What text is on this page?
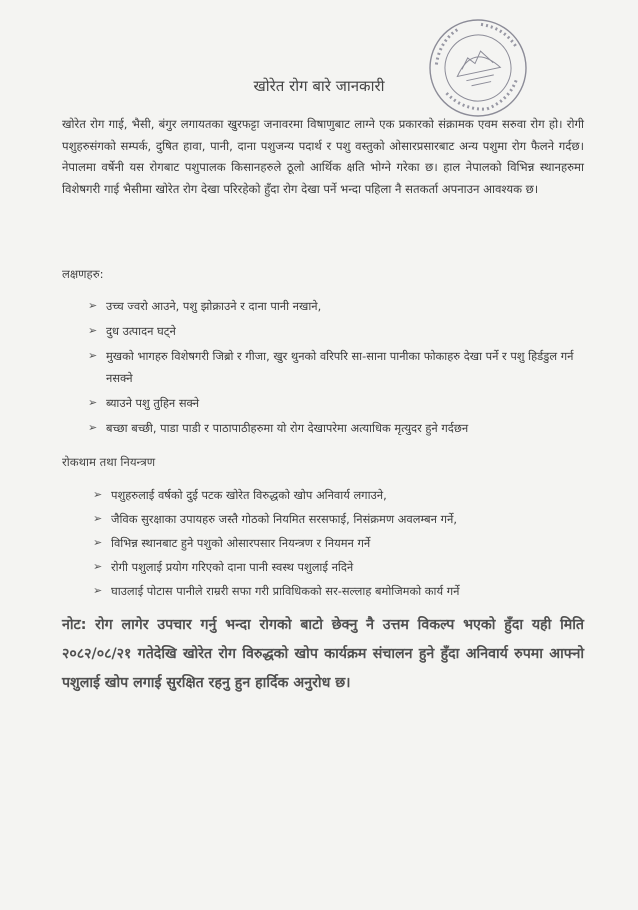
खोरेत रोग बारे जानकारी
खोरेत रोग गाई, भैसी, बंगुर लगायतका खुरफट्टा जनावरमा विषाणुबाट लाग्ने एक प्रकारको संक्रामक एवम सरुवा रोग हो। रोगी पशुहरुसंगको सम्पर्क, दुषित हावा, पानी, दाना पशुजन्य पदार्थ र पशु वस्तुको ओसारप्रसारबाट अन्य पशुमा रोग फैलने गर्दछ। नेपालमा वर्षेनी यस रोगबाट पशुपालक किसानहरुले ठूलो आर्थिक क्षति भोग्ने गरेका छ। हाल नेपालको विभिन्न स्थानहरुमा विशेषगरी गाई भैसीमा खोरेत रोग देखा परिरहेको हुँदा रोग देखा पर्ने भन्दा पहिला नै सतकर्ता अपनाउन आवश्यक छ।
लक्षणहरु:
➢ उच्च ज्वरो आउने, पशु झोक्राउने र दाना पानी नखाने,
➢ दुध उत्पादन घट्ने
➢ मुखको भागहरु विशेषगरी जिब्रो र गीजा, खुर थुनको वरिपरि सा-साना पानीका फोकाहरु देखा पर्ने र पशु हिर्डडुल गर्न नसक्ने
➢ ब्याउने पशु तुहिन सक्ने
➢ बच्छा बच्छी, पाडा पाडी र पाठापाठीहरुमा यो रोग देखापरेमा अत्याधिक मृत्युदर हुने गर्दछन
रोकथाम तथा नियन्त्रण
➢ पशुहरुलाई वर्षको दुई पटक खोरेत विरुद्धको खोप अनिवार्य लगाउने,
➢ जैविक सुरक्षाका उपायहरु जस्तै गोठको नियमित सरसफाई, निसंक्रमण अवलम्बन गर्ने,
➢ विभिन्न स्थानबाट हुने पशुको ओसारपसार नियन्त्रण र नियमन गर्ने
➢ रोगी पशुलाई प्रयोग गरिएको दाना पानी स्वस्थ पशुलाई नदिने
➢ घाउलाई पोटास पानीले राम्ररी सफा गरी प्राविधिकको सर-सल्लाह बमोजिमको कार्य गर्ने
नोट: रोग लागेर उपचार गर्नु भन्दा रोगको बाटो छेक्नु नै उत्तम विकल्प भएको हुँदा यही मिति २०८२/०८/२१ गतेदेखि खोरेत रोग विरुद्धको खोप कार्यक्रम संचालन हुने हुँदा अनिवार्य रुपमा आफ्नो पशुलाई खोप लगाई सुरक्षित रहनु हुन हार्दिक अनुरोध छ।
